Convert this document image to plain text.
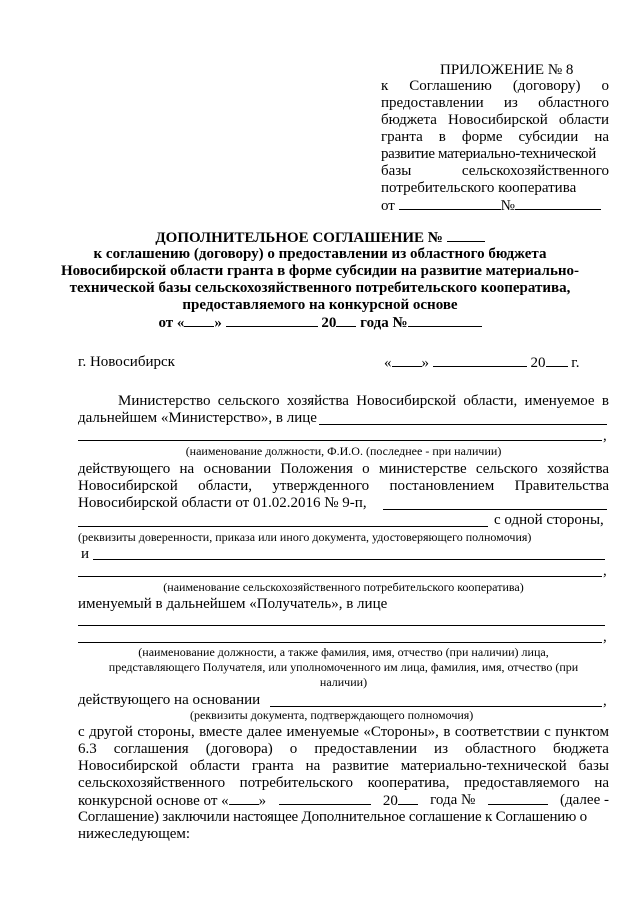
ПРИЛОЖЕНИЕ № 8
к Соглашению (договору) о
предоставлении из областного
бюджета Новосибирской области
гранта в форме субсидии на
развитие материально-технической
базы	сельскохозяйственного
потребительского кооператива
от	№
ДОПОЛНИТЕЛЬНОЕ СОГЛАШЕНИЕ №
к соглашению (договору) о предоставлении из областного бюджета
Новосибирской области гранта в форме субсидии на развитие материально-
технической базы сельскохозяйственного потребительского кооператива,
предоставляемого на конкурсной основе
от « »	20 года №
г. Новосибирск	« »	20 г.
Министерство сельского хозяйства Новосибирской области, именуемое в
дальнейшем «Министерство», в лице
,
(наименование должности, Ф.И.О. (последнее - при наличии)
действующего на основании Положения о министерстве сельского хозяйства
Новосибирской области, утвержденного постановлением Правительства
Новосибирской области от 01.02.2016 № 9-п,
с одной стороны,
(реквизиты доверенности, приказа или иного документа, удостоверяющего полномочия)
и
,
(наименование сельскохозяйственного потребительского кооператива)
именуемый в дальнейшем «Получатель», в лице
,
(наименование должности, а также фамилия, имя, отчество (при наличии) лица,
представляющего Получателя, или уполномоченного им лица, фамилия, имя, отчество (при
наличии)
действующего на основании	,
(реквизиты документа, подтверждающего полномочия)
с другой стороны, вместе далее именуемые «Стороны», в соответствии с пунктом
6.3 соглашения (договора) о предоставлении из областного бюджета
Новосибирской области гранта на развитие материально-технической базы
сельскохозяйственного потребительского кооператива, предоставляемого на
конкурсной основе от « »	20	года №	(далее -
Соглашение) заключили настоящее Дополнительное соглашение к Соглашению о
нижеследующем:
